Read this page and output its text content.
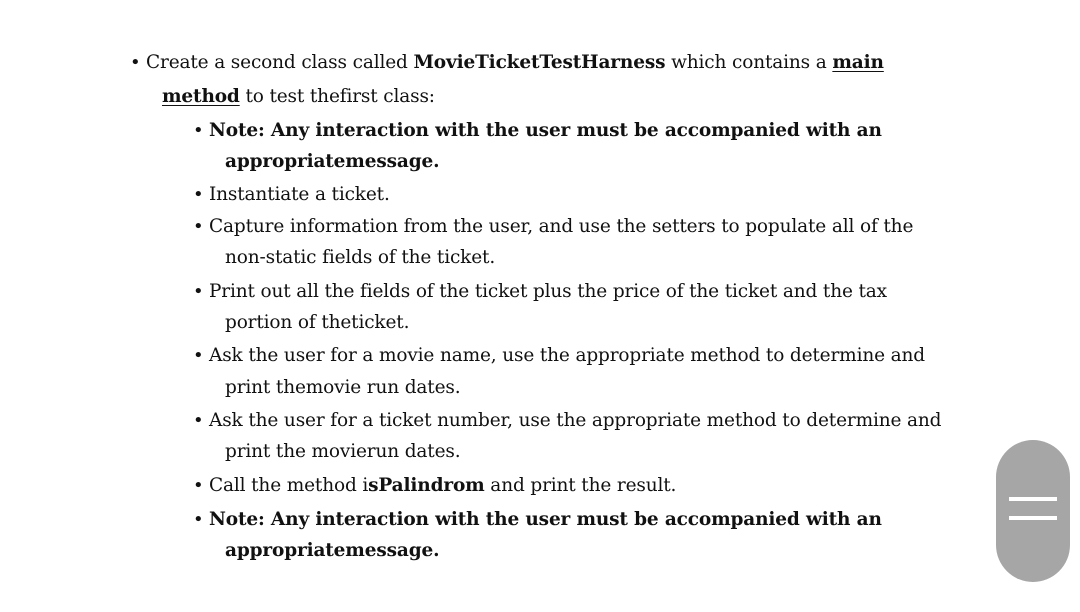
• Create a second class called MovieTicketTestHarness which contains a main
method to test thefirst class:
• Note: Any interaction with the user must be accompanied with an
appropriatemessage.
• Instantiate a ticket.
• Capture information from the user, and use the setters to populate all of the
non-static fields of the ticket.
• Print out all the fields of the ticket plus the price of the ticket and the tax
portion of theticket.
• Ask the user for a movie name, use the appropriate method to determine and
print themovie run dates.
• Ask the user for a ticket number, use the appropriate method to determine and
print the movierun dates.
• Call the method isPalindrom and print the result.
• Note: Any interaction with the user must be accompanied with an
appropriatemessage.
